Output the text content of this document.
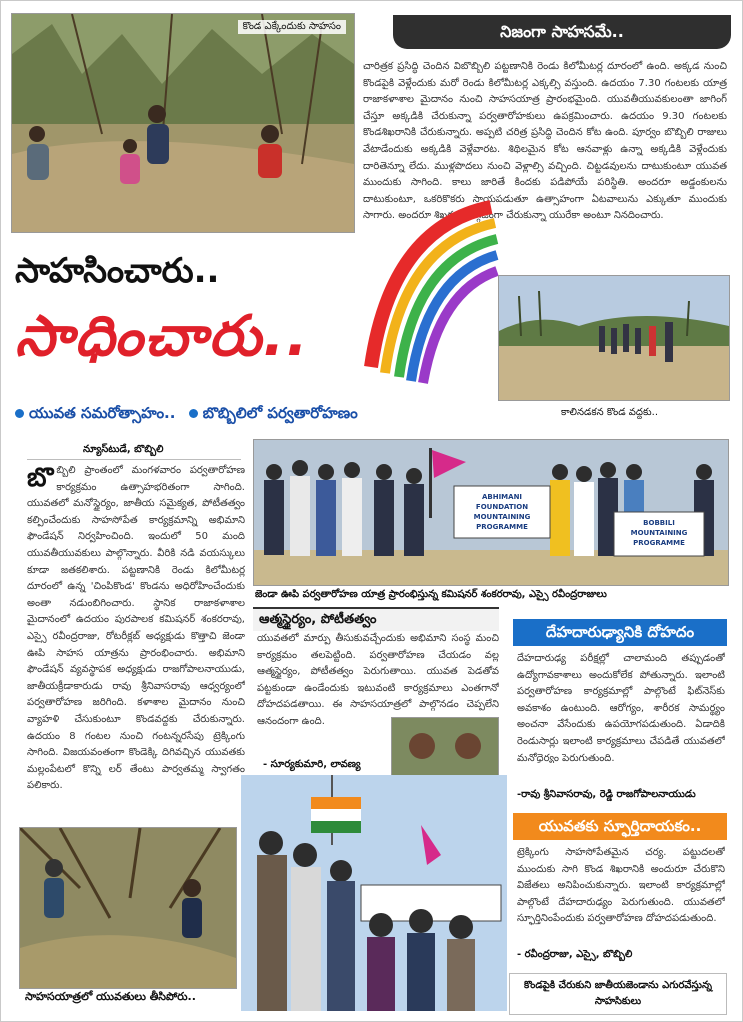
కొండ ఎక్కేందుకు సాహసం	నిజంగా సాహసమే..
చారిత్రక ప్రసిద్ధి చెందిన విబొబ్బిలి పట్టణానికి రెండు కిలోమీటర్ల దూరంలో ఉంది. అక్కడ నుంచి కొండపైకి వెళ్లేందుకు మరో రెండు కిలోమీటర్ల ఎక్కల్సి వస్తుంది. ఉదయం 7.30 గంటలకు యాత్ర రాజాకళాశాల మైదానం నుంచి సాహసయాత్ర ప్రారంభమైంది. యువతీయువకులంతా జాగింగ్ చేస్తూ అక్కడికి చేరుకున్నా పర్వతారోహకులు ఉపక్రమించారు. ఉదయం 9.30 గంటలకు కొండశిఖరానికి చేరుకున్నారు. అప్పటి చరిత్ర ప్రసిద్ధి చెందిన కోట ఉంది. పూర్వం బొబ్బిలి రాజులు వేటాడేందుకు అక్కడికి వెళ్లేవారట. శిథిలమైన కోట ఆనవాళ్లు ఉన్నా అక్కడికి వెళ్లేందుకు దారితెన్నూ లేదు. ముళ్లపొదలు నుంచి వెళ్లాల్సి వచ్చింది. చిట్టడవులను దాటుకుంటూ యువత ముందుకు సాగింది. కాలు జారితే కిందకు పడిపోయే పరిస్థితి. అందరూ అడ్డంకులను దాటుకుంటూ, ఒకరికొకరు సాయపడుతూ ఉత్సాహంగా ఏటవాలును ఎక్కుతూ ముందుకు సాగారు. అందరూ శిఖరంపై దిగ్గజంగా చేరుకున్నా యురేకా అంటూ నినదించారు.
సాహసించారు..
సాధించారు..
యువత సమరోత్సాహం.. బొబ్బిలిలో పర్వతారోహణం	కాలినడకన కొండ వద్దకు..
న్యూస్‌టుడే, బొబ్బిలి
బొ బ్బిలి ప్రాంతంలో మంగళవారం పర్వతారోహణ కార్యక్రమం ఉత్సాహభరితంగా సాగింది. యువతలో మనోస్థైర్యం, జాతీయ సమైక్యత, పోటీతత్వం కల్పించేందుకు సాహసోపేత కార్యక్రమాన్ని అభిమాని ఫౌండేషన్ నిర్వహించింది. ఇందులో 50 మంది యువతీయువకులు పాల్గొన్నారు. వీరికి నడి వయస్కులు కూడా జతకలిశారు. పట్టణానికి రెండు కిలోమీటర్ల దూరంలో ఉన్న 'చింపికొండ' కొండను అధిరోహించేందుకు అంతా నడుంబిగించారు. స్థానిక రాజాకళాశాల మైదానంలో ఉదయం పురపాలక కమిషనర్ శంకరరావు, ఎస్సై రవీంద్రరాజు, రోటరీక్లబ్ అధ్యక్షుడు కొత్తాచి జెండా ఊపి సాహస యాత్రను ప్రారంభించారు. అభిమాని ఫౌండేషన్ వ్యవస్థాపక అధ్యక్షుడు రాజగోపాలనాయుడు, జాతీయక్రీడాకారుడు రావు శ్రీనివాసరావు ఆధ్వర్యంలో పర్వతారోహణ జరిగింది. కళాశాల మైదానం నుంచి వ్యాహళి చేసుకుంటూ కొండవద్దకు చేరుకున్నారు. ఉదయం 8 గంటల నుంచి గంటన్నరసేపు ట్రెక్కింగు సాగింది. విజయవంతంగా కొండెక్కి దిగివచ్చిన యువతకు మల్లంపేటలో కొన్ని లర్ తేంటు పార్వతమ్మ స్వాగతం పలికారు.
ABHIMANI FOUNDATION MOUNTAINING PROGRAMME	BOBBILI MOUNTAINING PROGRAMME
జెండా ఊపి పర్వతారోహణ యాత్ర ప్రారంభిస్తున్న కమిషనర్ శంకరరావు, ఎస్సై రవీంద్రరాజులు
ఆత్మస్థైర్యం, పోటీతత్వం
యువతలో మార్పు తీసుకువచ్చేందుకు అభిమాని సంస్థ మంచి కార్యక్రమం తలపెట్టింది. పర్వతారోహణ చేయడం వల్ల ఆత్మస్థైర్యం, పోటీతత్వం పెరుగుతాయి. యువత పెడతోవ పట్టకుండా ఉండేందుకు ఇటువంటి కార్యక్రమాలు ఎంతగానో దోహదపడతాయి. ఈ సాహసయాత్రలో పాల్గొనడం చెప్పలేని ఆనందంగా ఉంది.
- సూర్యకుమారి, లావణ్య
దేహదారుఢ్యానికి దోహదం
దేహదారుఢ్య పరీక్షల్లో చాలామంది తప్పుడంతో ఉద్యోగావకాశాలు అందుకోలేక పోతున్నారు. ఇలాంటి పర్వతారోహణ కార్యక్రమాల్లో పాల్గొంటే ఫిట్‌నెస్‌కు అవకాశం ఉంటుంది. ఆరోగ్యం, శారీరక సామర్థ్యం అంచనా వేసేందుకు ఉపయోగపడుతుంది. ఏడాదికి రెండుసార్లు ఇలాంటి కార్యక్రమాలు చేపడితే యువతలో మనోధైర్యం పెరుగుతుంది.
-రావు శ్రీనివాసరావు, రెడ్డి రాజగోపాలనాయుడు
యువతకు స్ఫూర్తిదాయకం..
ట్రెక్కింగు సాహసోపేతమైన చర్య. పట్టుదలతో ముందుకు సాగి కొండ శిఖరానికి అందురూ చేరుకొని విజేతలు అనిపించుకున్నారు. ఇలాంటి కార్యక్రమాల్లో పాల్గొంటే దేహదారుఢ్యం పెరుగుతుంది. యువతలో స్ఫూర్తినింపేందుకు పర్వతారోహణ దోహదపడుతుంది.
- రవీంద్రరాజు, ఎస్సై, బొబ్బిలి
సాహసయాత్రలో యువతులు తీసిపోరు..
కొండపైకి చేరుకుని జాతీయజెండాను ఎగురవేస్తున్న సాహసికులు
